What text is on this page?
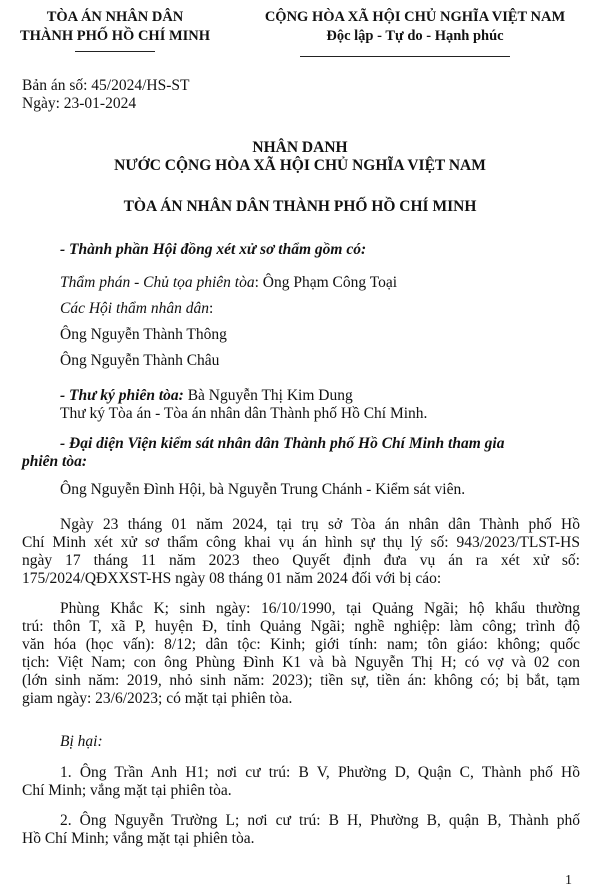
TÒA ÁN NHÂN DÂN
THÀNH PHỐ HỒ CHÍ MINH
CỘNG HÒA XÃ HỘI CHỦ NGHĨA VIỆT NAM
Độc lập - Tự do - Hạnh phúc
Bản án số: 45/2024/HS-ST
Ngày: 23-01-2024
NHÂN DANH
NƯỚC CỘNG HÒA XÃ HỘI CHỦ NGHĨA VIỆT NAM
TÒA ÁN NHÂN DÂN THÀNH PHỐ HỒ CHÍ MINH
- Thành phần Hội đồng xét xử sơ thẩm gồm có:
Thẩm phán - Chủ tọa phiên tòa: Ông Phạm Công Toại
Các Hội thẩm nhân dân:
Ông Nguyễn Thành Thông
Ông Nguyễn Thành Châu
- Thư ký phiên tòa: Bà Nguyễn Thị Kim Dung
Thư ký Tòa án - Tòa án nhân dân Thành phố Hồ Chí Minh.
- Đại diện Viện kiểm sát nhân dân Thành phố Hồ Chí Minh tham gia
phiên tòa:
Ông Nguyễn Đình Hội, bà Nguyễn Trung Chánh - Kiểm sát viên.
Ngày 23 tháng 01 năm 2024, tại trụ sở Tòa án nhân dân Thành phố Hồ
Chí Minh xét xử sơ thẩm công khai vụ án hình sự thụ lý số: 943/2023/TLST-HS
ngày 17 tháng 11 năm 2023 theo Quyết định đưa vụ án ra xét xử số:
175/2024/QĐXXST-HS ngày 08 tháng 01 năm 2024 đối với bị cáo:
Phùng Khắc K; sinh ngày: 16/10/1990, tại Quảng Ngãi; hộ khẩu thường
trú: thôn T, xã P, huyện Đ, tỉnh Quảng Ngãi; nghề nghiệp: làm công; trình độ
văn hóa (học vấn): 8/12; dân tộc: Kinh; giới tính: nam; tôn giáo: không; quốc
tịch: Việt Nam; con ông Phùng Đình K1 và bà Nguyễn Thị H; có vợ và 02 con
(lớn sinh năm: 2019, nhỏ sinh năm: 2023); tiền sự, tiền án: không có; bị bắt, tạm
giam ngày: 23/6/2023; có mặt tại phiên tòa.
Bị hại:
1. Ông Trần Anh H1; nơi cư trú: B V, Phường D, Quận C, Thành phố Hồ
Chí Minh; vắng mặt tại phiên tòa.
2. Ông Nguyễn Trường L; nơi cư trú: B H, Phường B, quận B, Thành phố
Hồ Chí Minh; vắng mặt tại phiên tòa.
1
